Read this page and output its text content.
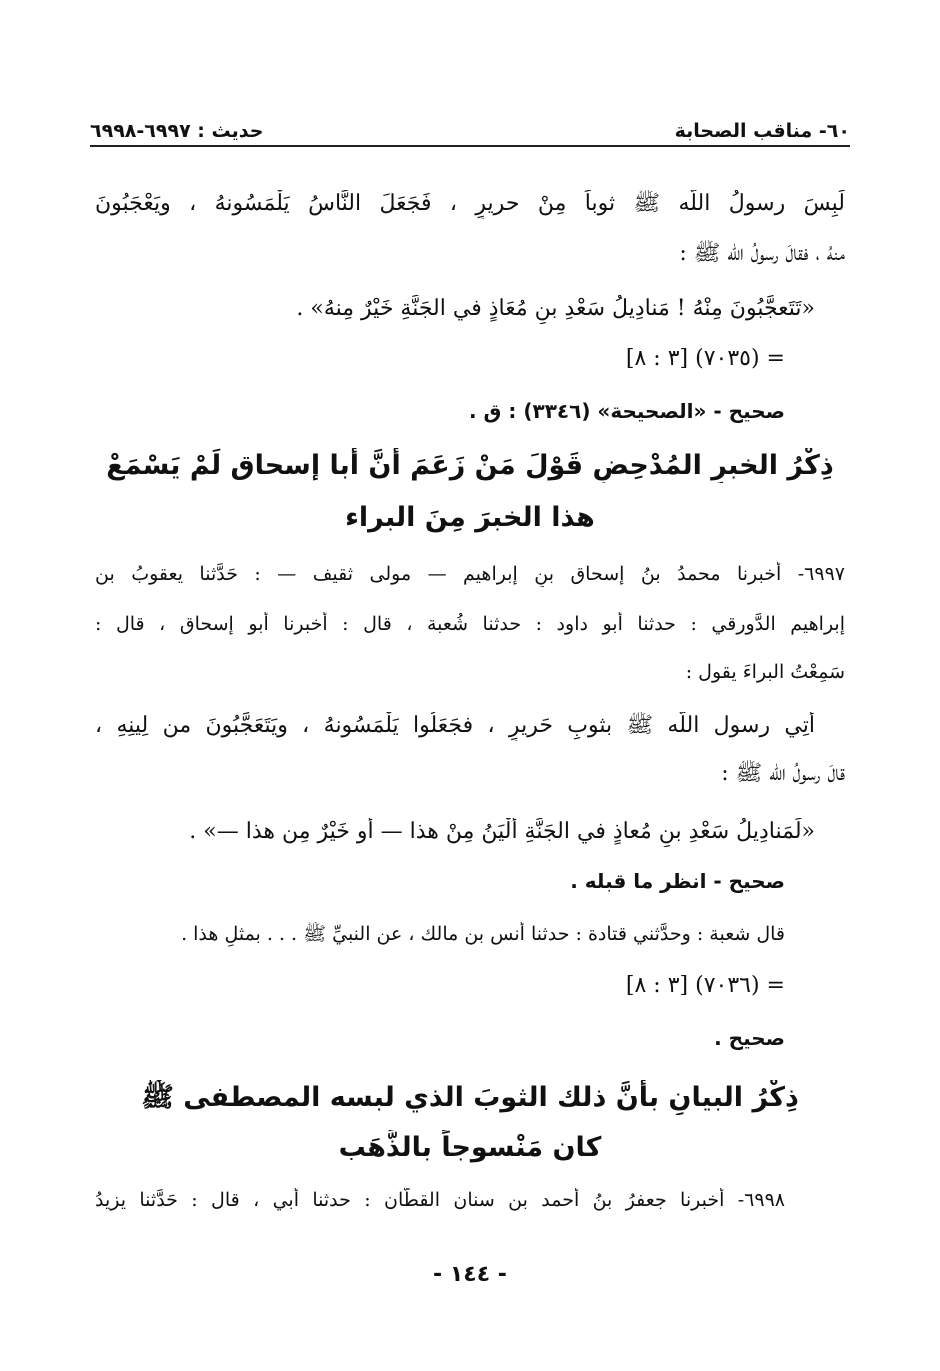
٦٠- مناقب الصحابة
حديث : ٦٩٩٧-٦٩٩٨
لَبِسَ رسولُ اللّه ﷺ ثوباً مِنْ حريرٍ ، فَجَعَلَ النَّاسُ يَلْمَسُونهُ ، ويَعْجَبُونَ
منهُ ، فقالَ رسولُ اللّه ﷺ :
«تَتَعجَّبُونَ مِنْهُ ! مَنادِيلُ سَعْدِ بنِ مُعَاذٍ في الجَنَّةِ خَيْرٌ مِنهُ» .
= (٧٠٣٥) [٣ : ٨]
صحيح - «الصحيحة» (٣٣٤٦) : ق .
ذِكْرُ الخبرِ المُدْحِضِ قَوْلَ مَنْ زَعَمَ أنَّ أبا إسحاق لَمْ يَسْمَعْ
هذا الخبرَ مِنَ البراء
٦٩٩٧- أخبرنا محمدُ بنُ إسحاق بنِ إبراهيم — مولى ثقيف — : حَدَّثنا يعقوبُ بن
إبراهيم الدَّورقي : حدثنا أبو داود : حدثنا شُعبة ، قال : أخبرنا أبو إسحاق ، قال :
سَمِعْتُ البراءَ يقول :
أُتِي رسول اللّه ﷺ بثوبِ حَريرٍ ، فجَعَلُوا يَلْمَسُونهُ ، ويَتَعَجَّبُونَ من لِينِهِ ،
قالَ رسولُ اللّه ﷺ :
«لَمَنادِيلُ سَعْدِ بنِ مُعاذٍ في الجَنَّةِ أَلْيَنُ مِنْ هذا — أو خَيْرٌ مِن هذا —» .
صحيح - انظر ما قبله .
قال شعبة : وحدَّثني قتادة : حدثنا أنس بن مالك ، عن النبيِّ ﷺ . . . بمثلِ هذا .
= (٧٠٣٦) [٣ : ٨]
صحيح .
ذِكْرُ البيانِ بأنَّ ذلك الثوبَ الذي لبسه المصطفى ﷺ
كان مَنْسوجاً بالذَّهَب
٦٩٩٨- أخبرنا جعفرُ بنُ أحمد بن سنان القطَّان : حدثنا أبي ، قال : حَدَّثنا يزيدُ
- ١٤٤ -
